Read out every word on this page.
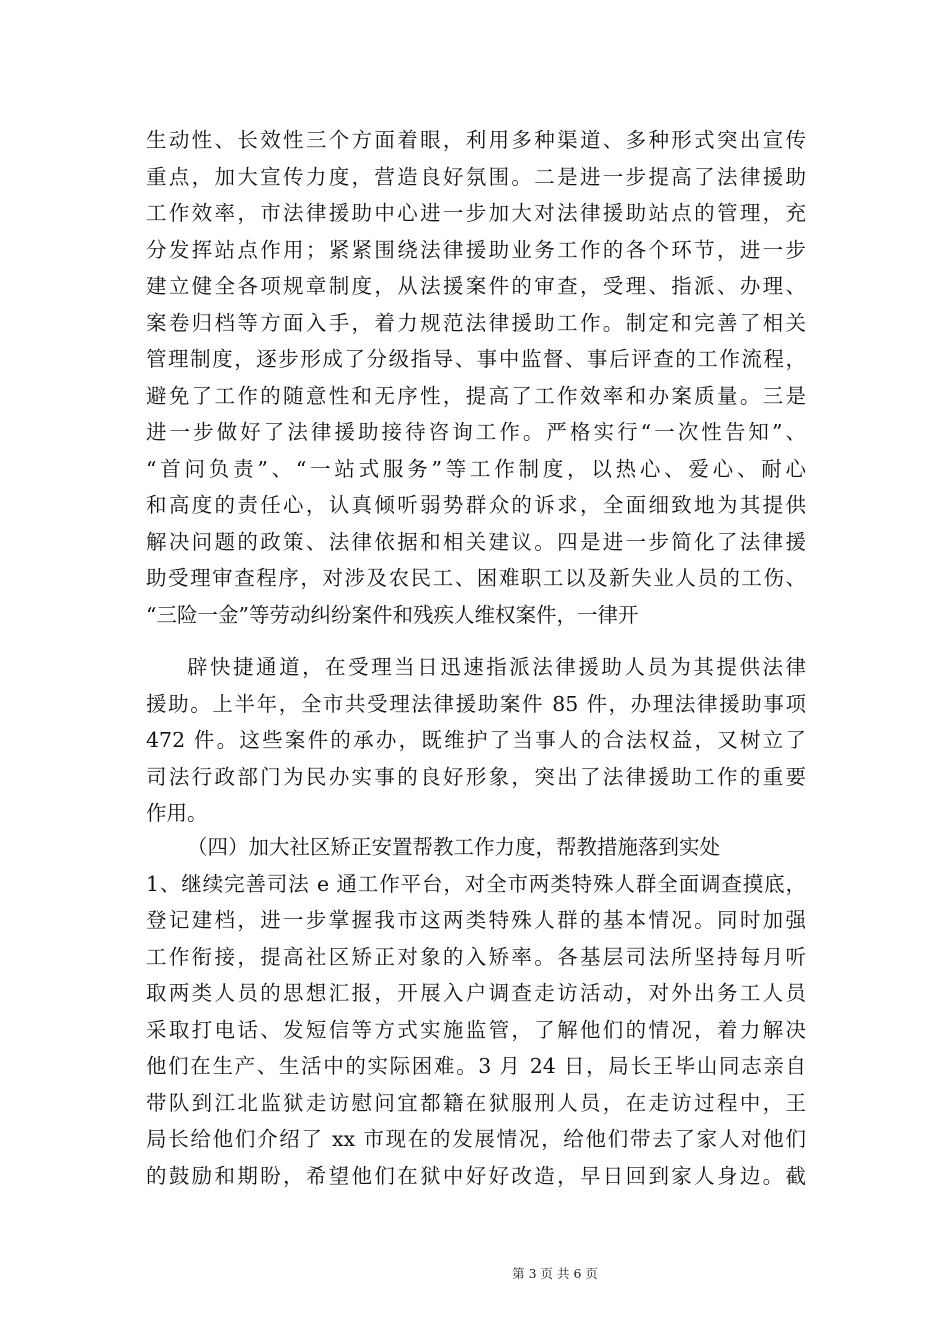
生动性、长效性三个方面着眼，利用多种渠道、多种形式突出宣传
重点，加大宣传力度，营造良好氛围。二是进一步提高了法律援助
工作效率，市法律援助中心进一步加大对法律援助站点的管理，充
分发挥站点作用；紧紧围绕法律援助业务工作的各个环节，进一步
建立健全各项规章制度，从法援案件的审查，受理、指派、办理、
案卷归档等方面入手，着力规范法律援助工作。制定和完善了相关
管理制度，逐步形成了分级指导、事中监督、事后评查的工作流程，
避免了工作的随意性和无序性，提高了工作效率和办案质量。三是
进一步做好了法律援助接待咨询工作。严格实行“一次性告知”、
“首问负责”、“一站式服务”等工作制度，以热心、爱心、耐心
和高度的责任心，认真倾听弱势群众的诉求，全面细致地为其提供
解决问题的政策、法律依据和相关建议。四是进一步简化了法律援
助受理审查程序，对涉及农民工、困难职工以及新失业人员的工伤、
“三险一金”等劳动纠纷案件和残疾人维权案件，一律开
辟快捷通道，在受理当日迅速指派法律援助人员为其提供法律
援助。上半年，全市共受理法律援助案件 85 件，办理法律援助事项
472 件。这些案件的承办，既维护了当事人的合法权益，又树立了
司法行政部门为民办实事的良好形象，突出了法律援助工作的重要
作用。
（四）加大社区矫正安置帮教工作力度，帮教措施落到实处
1、继续完善司法 e 通工作平台，对全市两类特殊人群全面调查摸底，
登记建档，进一步掌握我市这两类特殊人群的基本情况。同时加强
工作衔接，提高社区矫正对象的入矫率。各基层司法所坚持每月听
取两类人员的思想汇报，开展入户调查走访活动，对外出务工人员
采取打电话、发短信等方式实施监管，了解他们的情况，着力解决
他们在生产、生活中的实际困难。3 月 24 日，局长王毕山同志亲自
带队到江北监狱走访慰问宜都籍在狱服刑人员，在走访过程中，王
局长给他们介绍了 xx 市现在的发展情况，给他们带去了家人对他们
的鼓励和期盼，希望他们在狱中好好改造，早日回到家人身边。截
第 3 页 共 6 页
